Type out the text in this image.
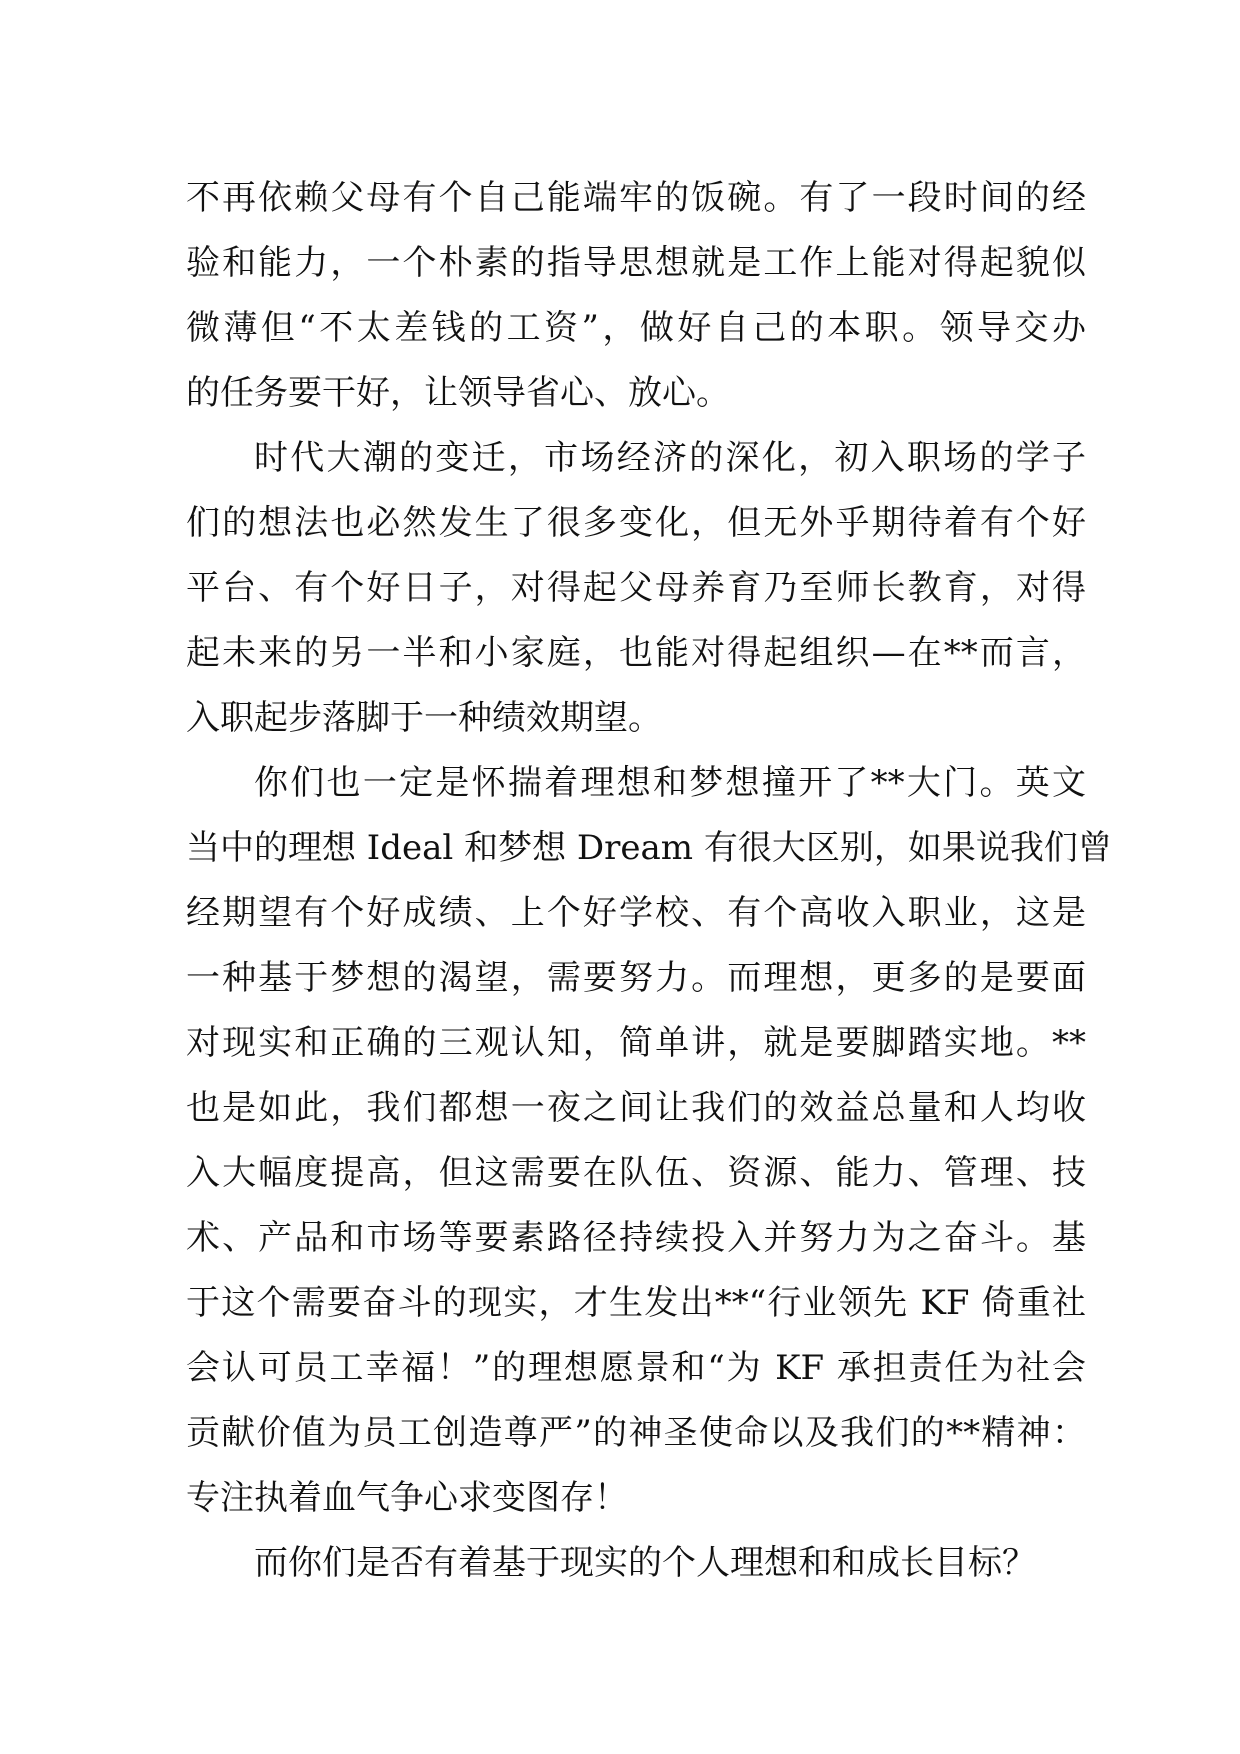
不再依赖父母有个自己能端牢的饭碗。有了一段时间的经
验和能力，一个朴素的指导思想就是工作上能对得起貌似
微薄但“不太差钱的工资”，做好自己的本职。领导交办
的任务要干好，让领导省心、放心。
时代大潮的变迁，市场经济的深化，初入职场的学子
们的想法也必然发生了很多变化，但无外乎期待着有个好
平台、有个好日子，对得起父母养育乃至师长教育，对得
起未来的另一半和小家庭，也能对得起组织—在**而言，
入职起步落脚于一种绩效期望。
你们也一定是怀揣着理想和梦想撞开了**大门。英文
当中的理想 Ideal 和梦想 Dream 有很大区别，如果说我们曾
经期望有个好成绩、上个好学校、有个高收入职业，这是
一种基于梦想的渴望，需要努力。而理想，更多的是要面
对现实和正确的三观认知，简单讲，就是要脚踏实地。**
也是如此，我们都想一夜之间让我们的效益总量和人均收
入大幅度提高，但这需要在队伍、资源、能力、管理、技
术、产品和市场等要素路径持续投入并努力为之奋斗。基
于这个需要奋斗的现实，才生发出**“行业领先 KF 倚重社
会认可员工幸福！”的理想愿景和“为 KF 承担责任为社会
贡献价值为员工创造尊严”的神圣使命以及我们的**精神：
专注执着血气争心求变图存！
而你们是否有着基于现实的个人理想和和成长目标？
